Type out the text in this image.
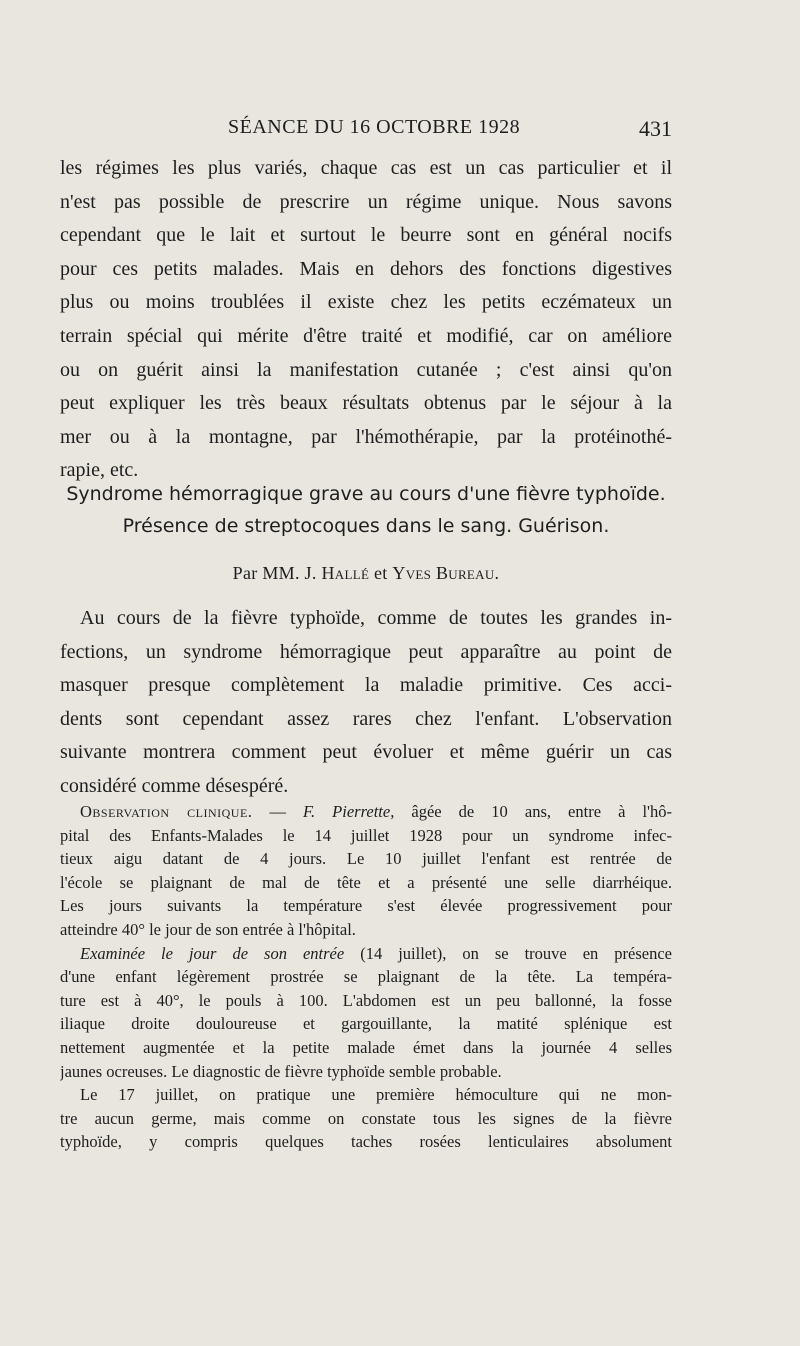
SÉANCE DU 16 OCTOBRE 1928	431
les régimes les plus variés, chaque cas est un cas particulier et il
n'est pas possible de prescrire un régime unique. Nous savons
cependant que le lait et surtout le beurre sont en général nocifs
pour ces petits malades. Mais en dehors des fonctions digestives
plus ou moins troublées il existe chez les petits eczémateux un
terrain spécial qui mérite d'être traité et modifié, car on améliore
ou on guérit ainsi la manifestation cutanée ; c'est ainsi qu'on
peut expliquer les très beaux résultats obtenus par le séjour à la
mer ou à la montagne, par l'hémothérapie, par la protéinothé-
rapie, etc.
Syndrome hémorragique grave au cours d'une fièvre typhoïde.
Présence de streptocoques dans le sang. Guérison.
Par MM. J. Hallé et Yves Bureau.
Au cours de la fièvre typhoïde, comme de toutes les grandes in-
fections, un syndrome hémorragique peut apparaître au point de
masquer presque complètement la maladie primitive. Ces acci-
dents sont cependant assez rares chez l'enfant. L'observation
suivante montrera comment peut évoluer et même guérir un cas
considéré comme désespéré.
Observation clinique. — F. Pierrette, âgée de 10 ans, entre à l'hô-
pital des Enfants-Malades le 14 juillet 1928 pour un syndrome infec-
tieux aigu datant de 4 jours. Le 10 juillet l'enfant est rentrée de
l'école se plaignant de mal de tête et a présenté une selle diarrhéique.
Les jours suivants la température s'est élevée progressivement pour
atteindre 40° le jour de son entrée à l'hôpital.
Examinée le jour de son entrée (14 juillet), on se trouve en présence
d'une enfant légèrement prostrée se plaignant de la tête. La tempéra-
ture est à 40°, le pouls à 100. L'abdomen est un peu ballonné, la fosse
iliaque droite douloureuse et gargouillante, la matité splénique est
nettement augmentée et la petite malade émet dans la journée 4 selles
jaunes ocreuses. Le diagnostic de fièvre typhoïde semble probable.
Le 17 juillet, on pratique une première hémoculture qui ne mon-
tre aucun germe, mais comme on constate tous les signes de la fièvre
typhoïde, y compris quelques taches rosées lenticulaires absolument
